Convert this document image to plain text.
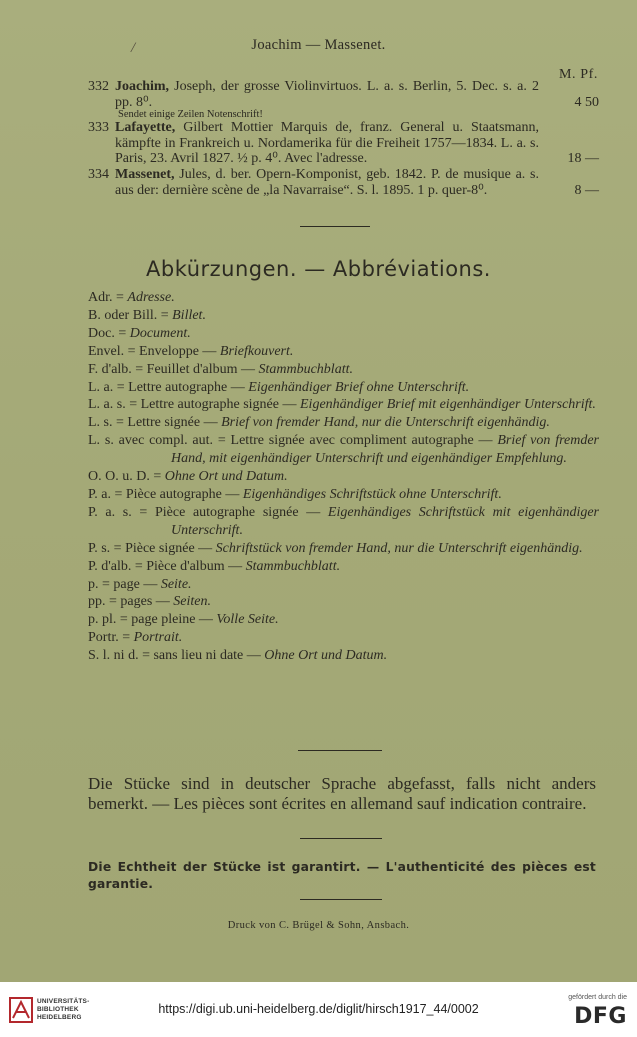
/	Joachim — Massenet.
M. Pf.
332 Joachim, Joseph, der grosse Violinvirtuos. L. a. s. Berlin, 5. Dec. s. a. 2 pp. 8⁰.	4 50
Sendet einige Zeilen Notenschrift!
333 Lafayette, Gilbert Mottier Marquis de, franz. General u. Staatsmann, kämpfte in Frankreich u. Nordamerika für die Freiheit 1757—1834. L. a. s. Paris, 23. Avril 1827. ½ p. 4⁰. Avec l'adresse.	18 —
334 Massenet, Jules, d. ber. Opern-Komponist, geb. 1842. P. de musique a. s. aus der: dernière scène de „la Navarraise“. S. l. 1895. 1 p. quer-8⁰.	8 —
Abkürzungen. — Abbréviations.
Adr. = Adresse.
B. oder Bill. = Billet.
Doc. = Document.
Envel. = Enveloppe — Briefkouvert.
F. d'alb. = Feuillet d'album — Stammbuchblatt.
L. a. = Lettre autographe — Eigenhändiger Brief ohne Unterschrift.
L. a. s. = Lettre autographe signée — Eigenhändiger Brief mit eigenhändiger Unterschrift.
L. s. = Lettre signée — Brief von fremder Hand, nur die Unterschrift eigenhändig.
L. s. avec compl. aut. = Lettre signée avec compliment autographe — Brief von fremder Hand, mit eigenhändiger Unterschrift und eigenhändiger Empfehlung.
O. O. u. D. = Ohne Ort und Datum.
P. a. = Pièce autographe — Eigenhändiges Schriftstück ohne Unterschrift.
P. a. s. = Pièce autographe signée — Eigenhändiges Schriftstück mit eigenhändiger Unterschrift.
P. s. = Pièce signée — Schriftstück von fremder Hand, nur die Unterschrift eigenhändig.
P. d'alb. = Pièce d'album — Stammbuchblatt.
p. = page — Seite.
pp. = pages — Seiten.
p. pl. = page pleine — Volle Seite.
Portr. = Portrait.
S. l. ni d. = sans lieu ni date — Ohne Ort und Datum.
Die Stücke sind in deutscher Sprache abgefasst, falls nicht anders bemerkt. — Les pièces sont écrites en allemand sauf indication contraire.
Die Echtheit der Stücke ist garantirt. — L'authenticité des pièces est garantie.
Druck von C. Brügel & Sohn, Ansbach.
UNIVERSITÄTS-
BIBLIOTHEK
HEIDELBERG
https://digi.ub.uni-heidelberg.de/diglit/hirsch1917_44/0002
gefördert durch die
DFG
